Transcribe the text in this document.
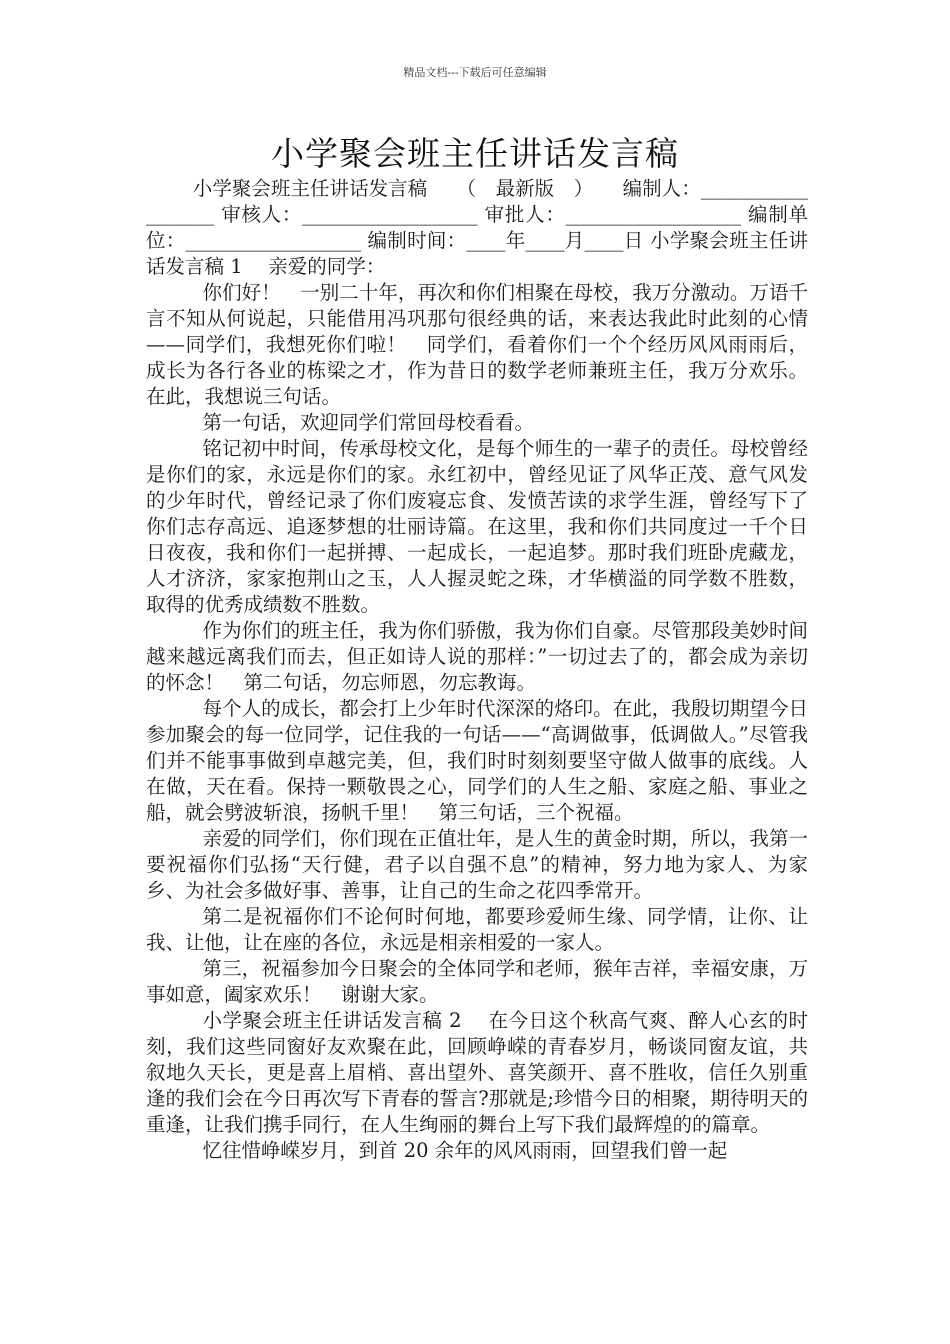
精品文档---下载后可任意编辑
小学聚会班主任讲话发言稿

小学聚会班主任讲话发言稿　　（　最新版　）　　编制人：__________________ 审核人：__________________ 审批人：__________________ 编制单位：__________________ 编制时间：____年____月____日 小学聚会班主任讲话发言稿 1　 亲爱的同学：

你们好！　一别二十年，再次和你们相聚在母校，我万分激动。万语千言不知从何说起，只能借用冯巩那句很经典的话，来表达我此时此刻的心情——同学们，我想死你们啦！　同学们，看着你们一个个经历风风雨雨后，成长为各行各业的栋梁之才，作为昔日的数学老师兼班主任，我万分欢乐。在此，我想说三句话。

第一句话，欢迎同学们常回母校看看。

铭记初中时间，传承母校文化，是每个师生的一辈子的责任。母校曾经是你们的家，永远是你们的家。永红初中，曾经见证了风华正茂、意气风发的少年时代，曾经记录了你们废寝忘食、发愤苦读的求学生涯，曾经写下了你们志存高远、追逐梦想的壮丽诗篇。在这里，我和你们共同度过一千个日日夜夜，我和你们一起拼搏、一起成长，一起追梦。那时我们班卧虎藏龙，人才济济，家家抱荆山之玉，人人握灵蛇之珠，才华横溢的同学数不胜数，取得的优秀成绩数不胜数。

作为你们的班主任，我为你们骄傲，我为你们自豪。尽管那段美妙时间越来越远离我们而去，但正如诗人说的那样：”一切过去了的，都会成为亲切的怀念！　第二句话，勿忘师恩，勿忘教诲。

每个人的成长，都会打上少年时代深深的烙印。在此，我殷切期望今日参加聚会的每一位同学，记住我的一句话——“高调做事，低调做人。”尽管我们并不能事事做到卓越完美，但，我们时时刻刻要坚守做人做事的底线。人在做，天在看。保持一颗敬畏之心，同学们的人生之船、家庭之船、事业之船，就会劈波斩浪，扬帆千里！　第三句话，三个祝福。

亲爱的同学们，你们现在正值壮年，是人生的黄金时期，所以，我第一要祝福你们弘扬“天行健，君子以自强不息”的精神，努力地为家人、为家乡、为社会多做好事、善事，让自己的生命之花四季常开。

第二是祝福你们不论何时何地，都要珍爱师生缘、同学情，让你、让我、让他，让在座的各位，永远是相亲相爱的一家人。

第三，祝福参加今日聚会的全体同学和老师，猴年吉祥，幸福安康，万事如意，阖家欢乐！　谢谢大家。

小学聚会班主任讲话发言稿 2　 在今日这个秋高气爽、醉人心玄的时刻，我们这些同窗好友欢聚在此，回顾峥嵘的青春岁月，畅谈同窗友谊，共叙地久天长，更是喜上眉梢、喜出望外、喜笑颜开、喜不胜收，信任久别重逢的我们会在今日再次写下青春的誓言?那就是;珍惜今日的相聚，期待明天的重逢，让我们携手同行，在人生绚丽的舞台上写下我们最辉煌的的篇章。

忆往惜峥嵘岁月，到首 20 余年的风风雨雨，回望我们曾一起
